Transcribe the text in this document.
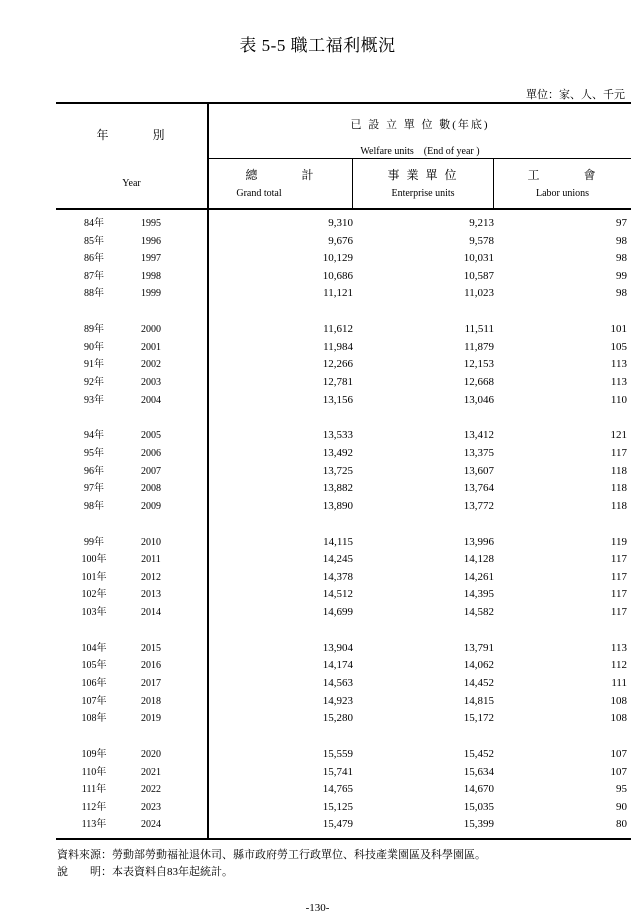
表 5-5 職工福利概況
單位：家、人、千元
年　　　別
Year
已 設 立 單 位 數(年底)
Welfare units　(End of year )
總　　　計
Grand total
事 業 單 位
Enterprise units
工　　　會
Labor unions
84年	1995	9,310	9,213	97
85年	1996	9,676	9,578	98
86年	1997	10,129	10,031	98
87年	1998	10,686	10,587	99
88年	1999	11,121	11,023	98
89年	2000	11,612	11,511	101
90年	2001	11,984	11,879	105
91年	2002	12,266	12,153	113
92年	2003	12,781	12,668	113
93年	2004	13,156	13,046	110
94年	2005	13,533	13,412	121
95年	2006	13,492	13,375	117
96年	2007	13,725	13,607	118
97年	2008	13,882	13,764	118
98年	2009	13,890	13,772	118
99年	2010	14,115	13,996	119
100年	2011	14,245	14,128	117
101年	2012	14,378	14,261	117
102年	2013	14,512	14,395	117
103年	2014	14,699	14,582	117
104年	2015	13,904	13,791	113
105年	2016	14,174	14,062	112
106年	2017	14,563	14,452	111
107年	2018	14,923	14,815	108
108年	2019	15,280	15,172	108
109年	2020	15,559	15,452	107
110年	2021	15,741	15,634	107
111年	2022	14,765	14,670	95
112年	2023	15,125	15,035	90
113年	2024	15,479	15,399	80
資料來源：勞動部勞動福祉退休司、縣市政府勞工行政單位、科技產業園區及科學園區。
說　　明：本表資料自83年起統計。
-130-
